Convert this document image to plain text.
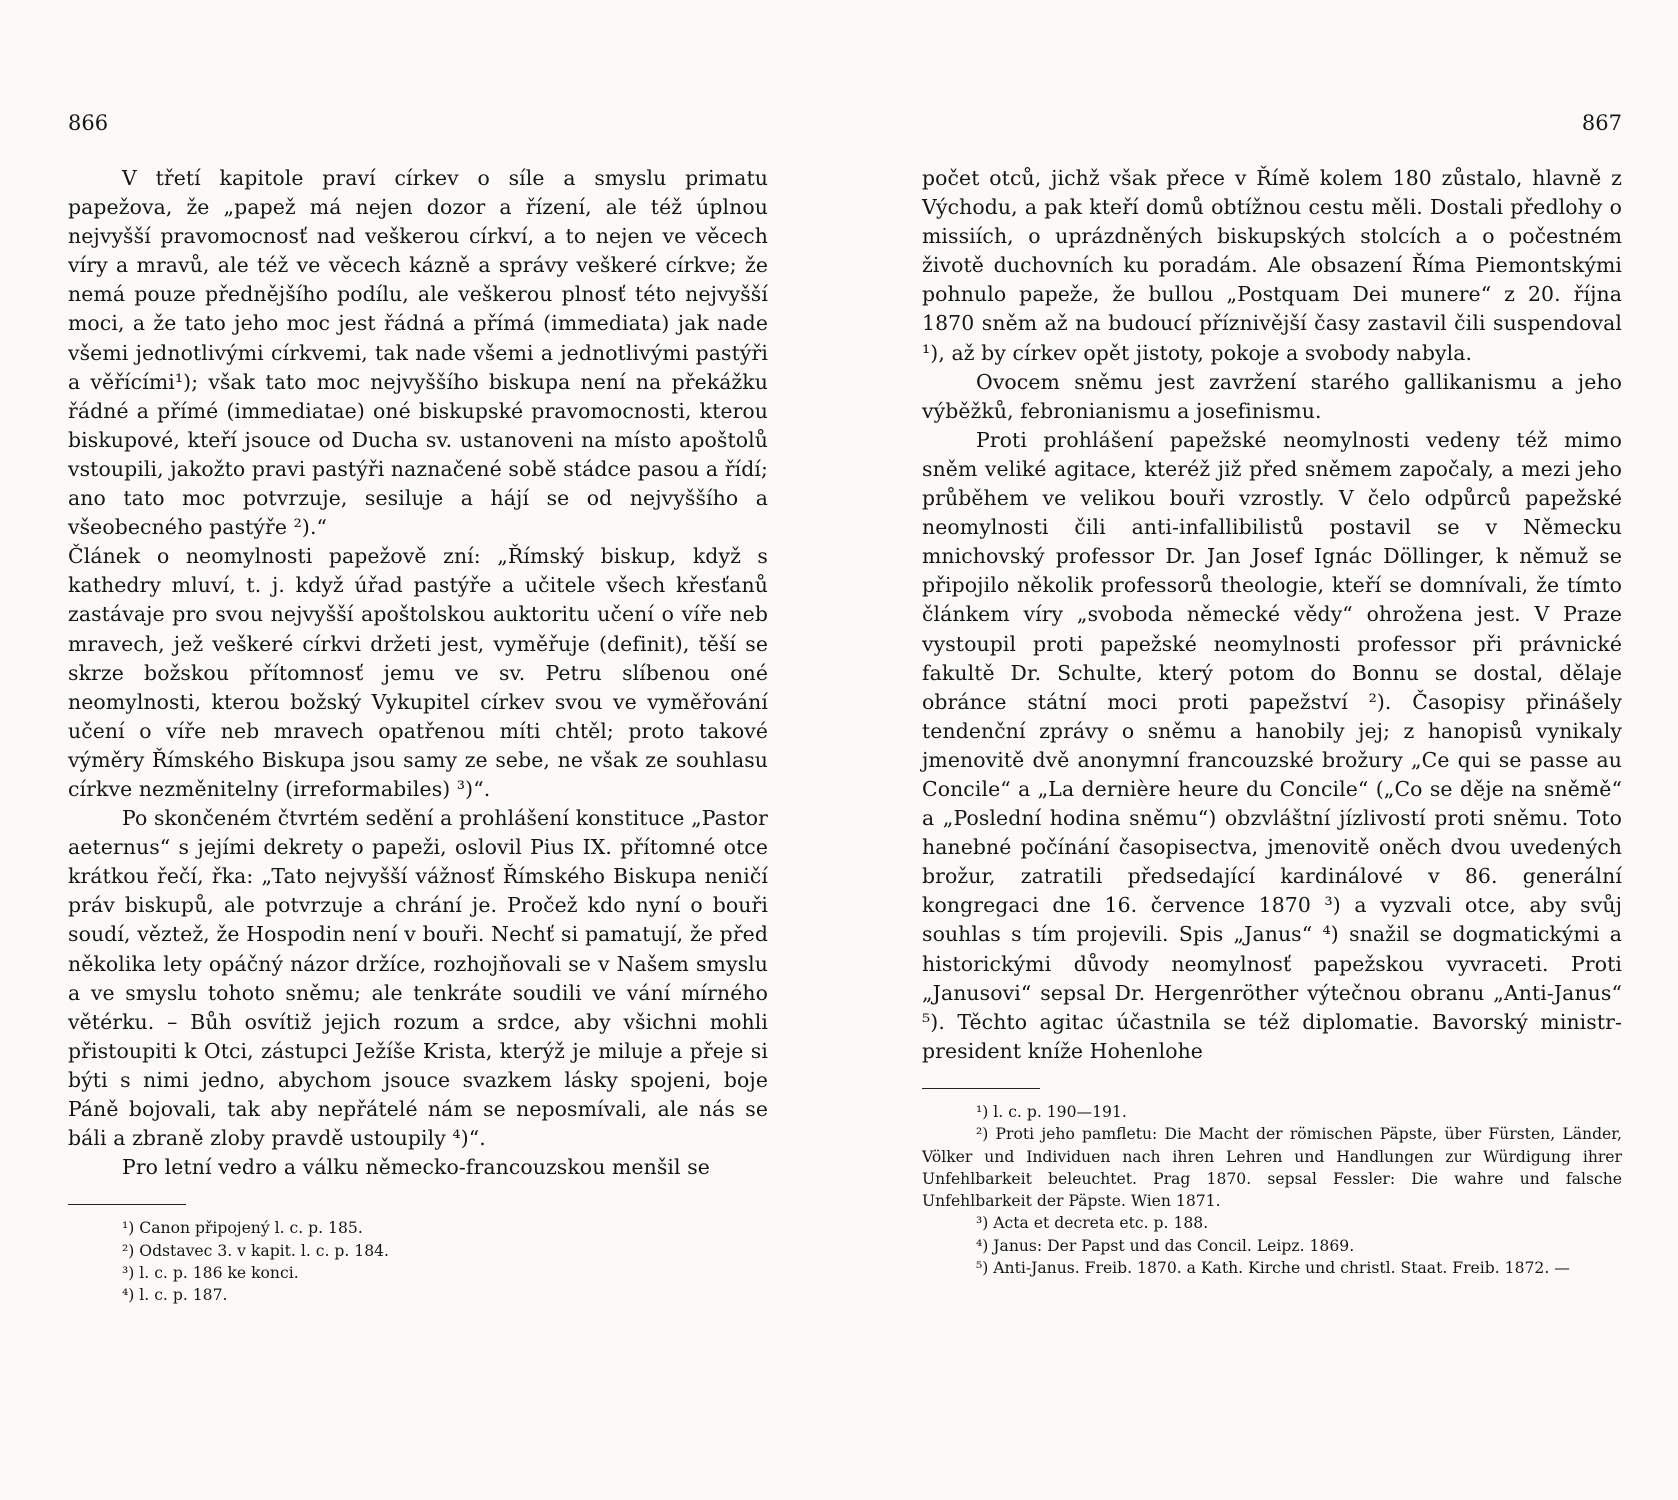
866

V třetí kapitole praví církev o síle a smyslu primatu papežova, že „papež má nejen dozor a řízení, ale též úplnou nejvyšší pravomocnosť nad veškerou církví, a to nejen ve věcech víry a mravů, ale též ve věcech kázně a správy veškeré církve; že nemá pouze přednějšího podílu, ale veškerou plnosť této nejvyšší moci, a že tato jeho moc jest řádná a přímá (immediata) jak nade všemi jednotlivými církvemi, tak nade všemi a jednotlivými pastýři a věřícími¹); však tato moc nejvyššího biskupa není na překážku řádné a přímé (immediatae) oné biskupské pravomocnosti, kterou biskupové, kteří jsouce od Ducha sv. ustanoveni na místo apoštolů vstoupili, jakožto pravi pastýři naznačené sobě stádce pasou a řídí; ano tato moc potvrzuje, sesiluje a hájí se od nejvyššího a všeobecného pastýře ²).“

Článek o neomylnosti papežově zní: „Římský biskup, když s kathedry mluví, t. j. když úřad pastýře a učitele všech křesťanů zastávaje pro svou nejvyšší apoštolskou auktoritu učení o víře neb mravech, jež veškeré církvi držeti jest, vyměřuje (definit), těší se skrze božskou přítomnosť jemu ve sv. Petru slíbenou oné neomylnosti, kterou božský Vykupitel církev svou ve vyměřování učení o víře neb mravech opatřenou míti chtěl; proto takové výměry Římského Biskupa jsou samy ze sebe, ne však ze souhlasu církve nezměnitelny (irreformabiles) ³)“.

Po skončeném čtvrtém sedění a prohlášení konstituce „Pastor aeternus“ s jejími dekrety o papeži, oslovil Pius IX. přítomné otce krátkou řečí, řka: „Tato nejvyšší vážnosť Římského Biskupa neničí práv biskupů, ale potvrzuje a chrání je. Pročež kdo nyní o bouři soudí, věztež, že Hospodin není v bouři. Nechť si pamatují, že před několika lety opáčný názor držíce, rozhojňovali se v Našem smyslu a ve smyslu tohoto sněmu; ale tenkráte soudili ve vání mírného větérku. – Bůh osvítiž jejich rozum a srdce, aby všichni mohli přistoupiti k Otci, zástupci Ježíše Krista, kterýž je miluje a přeje si býti s nimi jedno, abychom jsouce svazkem lásky spojeni, boje Páně bojovali, tak aby nepřátelé nám se neposmívali, ale nás se báli a zbraně zloby pravdě ustoupily ⁴)“.

Pro letní vedro a válku německo-francouzskou menšil se

¹) Canon připojený l. c. p. 185.

²) Odstavec 3. v kapit. l. c. p. 184.

³) l. c. p. 186 ke konci.

⁴) l. c. p. 187.

867

počet otců, jichž však přece v Římě kolem 180 zůstalo, hlavně z Východu, a pak kteří domů obtížnou cestu měli. Dostali předlohy o missiích, o uprázdněných biskupských stolcích a o počestném životě duchovních ku poradám. Ale obsazení Říma Piemontskými pohnulo papeže, že bullou „Postquam Dei munere“ z 20. října 1870 sněm až na budoucí příznivější časy zastavil čili suspendoval ¹), až by církev opět jistoty, pokoje a svobody nabyla.

Ovocem sněmu jest zavržení starého gallikanismu a jeho výběžků, febronianismu a josefinismu.

Proti prohlášení papežské neomylnosti vedeny též mimo sněm veliké agitace, kteréž již před sněmem započaly, a mezi jeho průběhem ve velikou bouři vzrostly. V čelo odpůrců papežské neomylnosti čili anti-infallibilistů postavil se v Německu mnichovský professor Dr. Jan Josef Ignác Döllinger, k němuž se připojilo několik professorů theologie, kteří se domnívali, že tímto článkem víry „svoboda německé vědy“ ohrožena jest. V Praze vystoupil proti papežské neomylnosti professor při právnické fakultě Dr. Schulte, který potom do Bonnu se dostal, dělaje obránce státní moci proti papežství ²). Časopisy přinášely tendenční zprávy o sněmu a hanobily jej; z hanopisů vynikaly jmenovitě dvě anonymní francouzské brožury „Ce qui se passe au Concile“ a „La dernière heure du Concile“ („Co se děje na sněmě“ a „Poslední hodina sněmu“) obzvláštní jízlivostí proti sněmu. Toto hanebné počínání časopisectva, jmenovitě oněch dvou uvedených brožur, zatratili předsedající kardinálové v 86. generální kongregaci dne 16. července 1870 ³) a vyzvali otce, aby svůj souhlas s tím projevili. Spis „Janus“ ⁴) snažil se dogmatickými a historickými důvody neomylnosť papežskou vyvraceti. Proti „Janusovi“ sepsal Dr. Hergenröther výtečnou obranu „Anti-Janus“ ⁵). Těchto agitac účastnila se též diplomatie. Bavorský ministr-president kníže Hohenlohe

¹) l. c. p. 190—191.

²) Proti jeho pamfletu: Die Macht der römischen Päpste, über Fürsten, Länder, Völker und Individuen nach ihren Lehren und Handlungen zur Würdigung ihrer Unfehlbarkeit beleuchtet. Prag 1870. sepsal Fessler: Die wahre und falsche Unfehlbarkeit der Päpste. Wien 1871.

³) Acta et decreta etc. p. 188.

⁴) Janus: Der Papst und das Concil. Leipz. 1869.

⁵) Anti-Janus. Freib. 1870. a Kath. Kirche und christl. Staat. Freib. 1872. —
